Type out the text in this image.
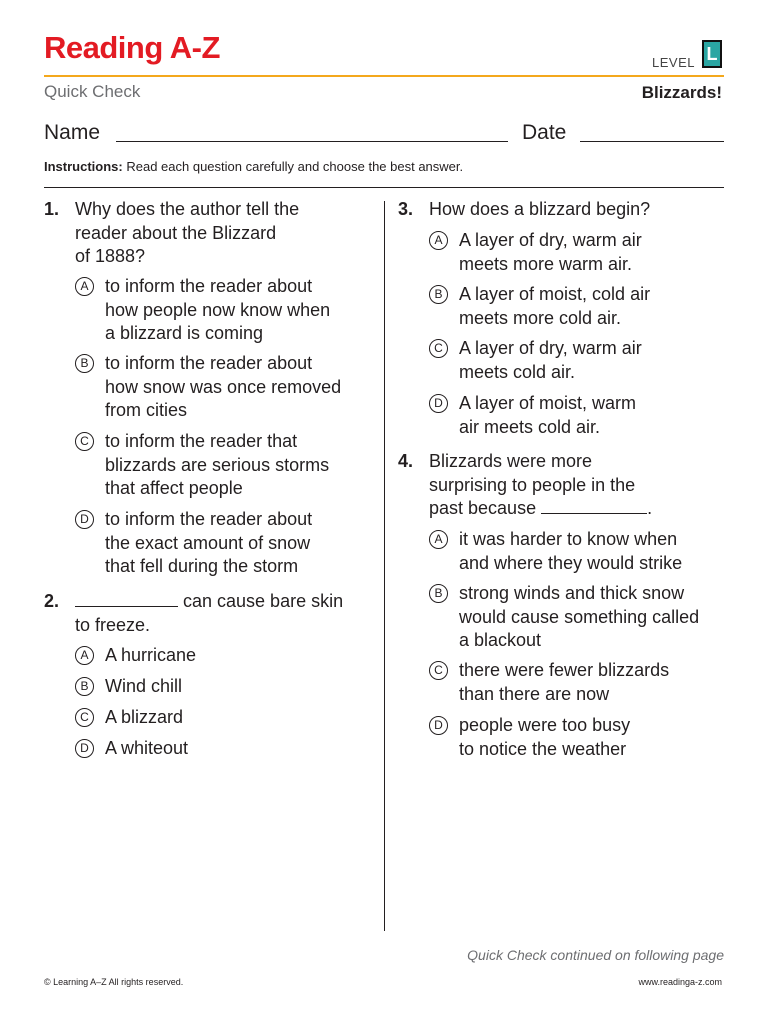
Reading A-Z	LEVEL L
Quick Check	Blizzards!
Name	Date
Instructions: Read each question carefully and choose the best answer.
1. Why does the author tell the
reader about the Blizzard
of 1888?
A to inform the reader about
how people now know when
a blizzard is coming
B to inform the reader about
how snow was once removed
from cities
C to inform the reader that
blizzards are serious storms
that affect people
D to inform the reader about
the exact amount of snow
that fell during the storm
2.	can cause bare skin
to freeze.
A A hurricane
B Wind chill
C A blizzard
D A whiteout
3. How does a blizzard begin?
A A layer of dry, warm air
meets more warm air.
B A layer of moist, cold air
meets more cold air.
C A layer of dry, warm air
meets cold air.
D A layer of moist, warm
air meets cold air.
4. Blizzards were more
surprising to people in the
past because	.
A it was harder to know when
and where they would strike
B strong winds and thick snow
would cause something called
a blackout
C there were fewer blizzards
than there are now
D people were too busy
to notice the weather
Quick Check continued on following page
© Learning A–Z All rights reserved.	www.readinga-z.com
